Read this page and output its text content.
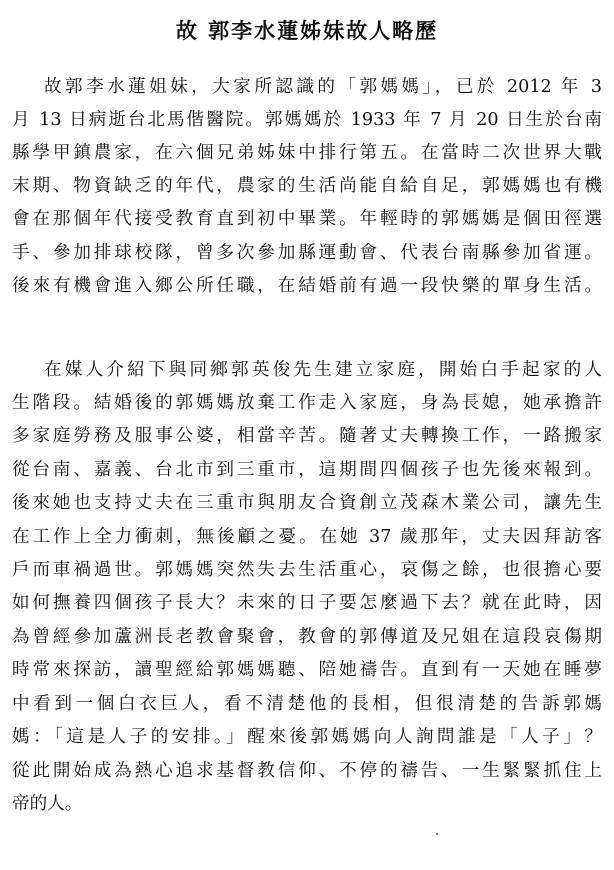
故 郭李水蓮姊妹故人略歷
故郭李水蓮姐妹，大家所認識的「郭媽媽」，已於 2012 年 3
月 13 日病逝台北馬偕醫院。郭媽媽於 1933 年 7 月 20 日生於台南
縣學甲鎮農家，在六個兄弟姊妹中排行第五。在當時二次世界大戰
末期、物資缺乏的年代，農家的生活尚能自給自足，郭媽媽也有機
會在那個年代接受教育直到初中畢業。年輕時的郭媽媽是個田徑選
手、參加排球校隊，曾多次參加縣運動會、代表台南縣參加省運。
後來有機會進入鄉公所任職，在結婚前有過一段快樂的單身生活。
在媒人介紹下與同鄉郭英俊先生建立家庭，開始白手起家的人
生階段。結婚後的郭媽媽放棄工作走入家庭，身為長媳，她承擔許
多家庭勞務及服事公婆，相當辛苦。隨著丈夫轉換工作，一路搬家
從台南、嘉義、台北市到三重市，這期間四個孩子也先後來報到。
後來她也支持丈夫在三重市與朋友合資創立茂森木業公司，讓先生
在工作上全力衝刺，無後顧之憂。在她 37 歲那年，丈夫因拜訪客
戶而車禍過世。郭媽媽突然失去生活重心，哀傷之餘，也很擔心要
如何撫養四個孩子長大？未來的日子要怎麼過下去？就在此時，因
為曾經參加蘆洲長老教會聚會，教會的郭傳道及兄姐在這段哀傷期
時常來探訪，讀聖經給郭媽媽聽、陪她禱告。直到有一天她在睡夢
中看到一個白衣巨人，看不清楚他的長相，但很清楚的告訴郭媽
媽：「這是人子的安排。」醒來後郭媽媽向人詢問誰是「人子」？
從此開始成為熱心追求基督教信仰、不停的禱告、一生緊緊抓住上
帝的人。
